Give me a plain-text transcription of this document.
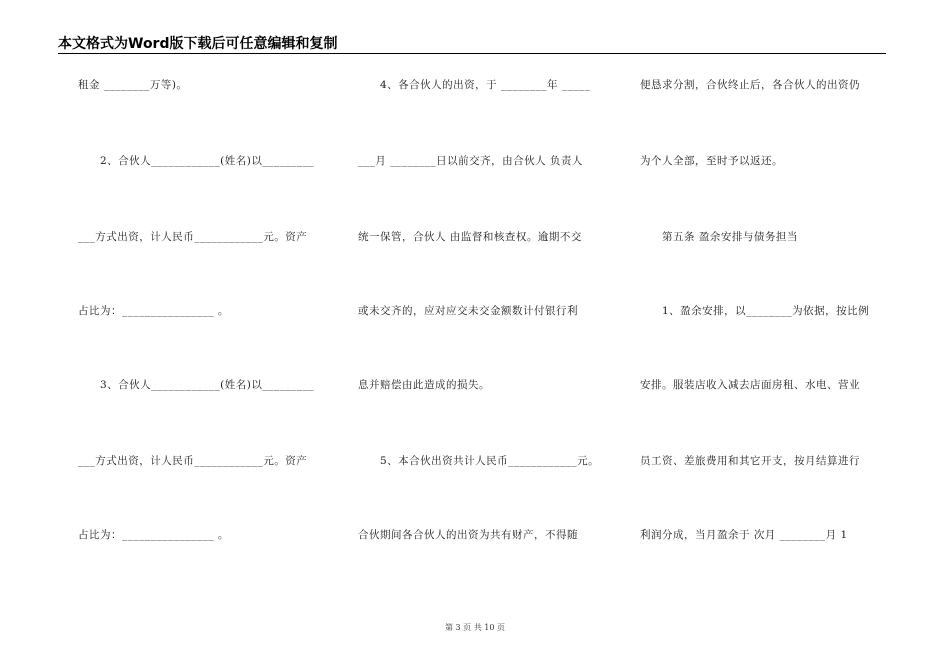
本文格式为Word版下载后可任意编辑和复制
租金 ________万等)。
2、合伙人____________(姓名)以_________
___方式出资，计人民币____________元。资产
占比为：________________ 。
3、合伙人____________(姓名)以_________
___方式出资，计人民币____________元。资产
占比为：________________ 。
4、各合伙人的出资，于 ________年 _____
___月 ________日以前交齐，由合伙人 负责人
统一保管，合伙人 由监督和核查权。逾期不交
或未交齐的，应对应交未交金额数计付银行利
息并赔偿由此造成的损失。
5、本合伙出资共计人民币____________元。
合伙期间各合伙人的出资为共有财产，不得随
便恳求分割，合伙终止后，各合伙人的出资仍
为个人全部，至时予以返还。
第五条 盈余安排与债务担当
1、盈余安排，以________为依据，按比例
安排。服装店收入减去店面房租、水电、营业
员工资、差旅费用和其它开支，按月结算进行
利润分成，当月盈余于 次月 ________月 1
第 3 页 共 10 页
